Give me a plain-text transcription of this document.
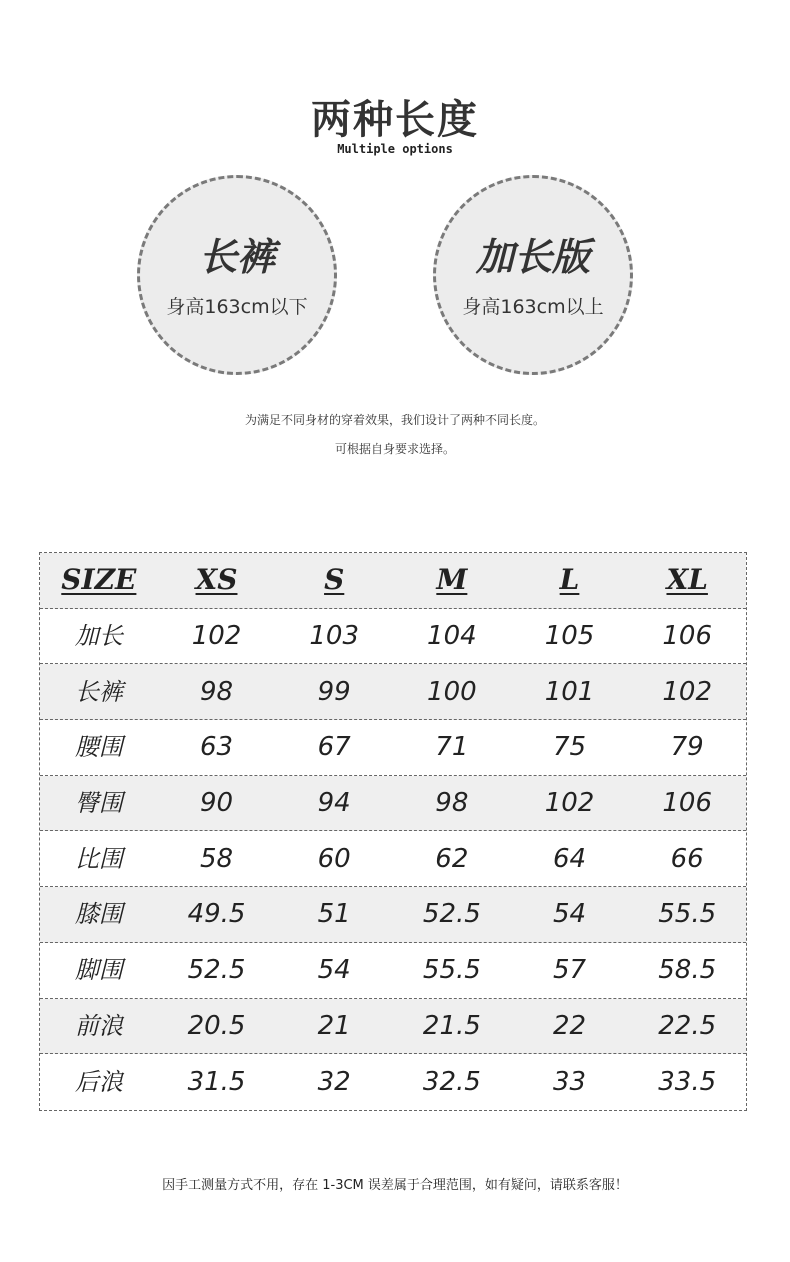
两种长度
Multiple options
长裤
身高163cm以下
加长版
身高163cm以上
为满足不同身材的穿着效果，我们设计了两种不同长度。
可根据自身要求选择。
SIZE	XS	S	M	L	XL
加长	102	103	104	105	106
长裤	98	99	100	101	102
腰围	63	67	71	75	79
臀围	90	94	98	102	106
比围	58	60	62	64	66
膝围	49.5	51	52.5	54	55.5
脚围	52.5	54	55.5	57	58.5
前浪	20.5	21	21.5	22	22.5
后浪	31.5	32	32.5	33	33.5
因手工测量方式不用，存在 1-3CM 误差属于合理范围，如有疑问，请联系客服！
